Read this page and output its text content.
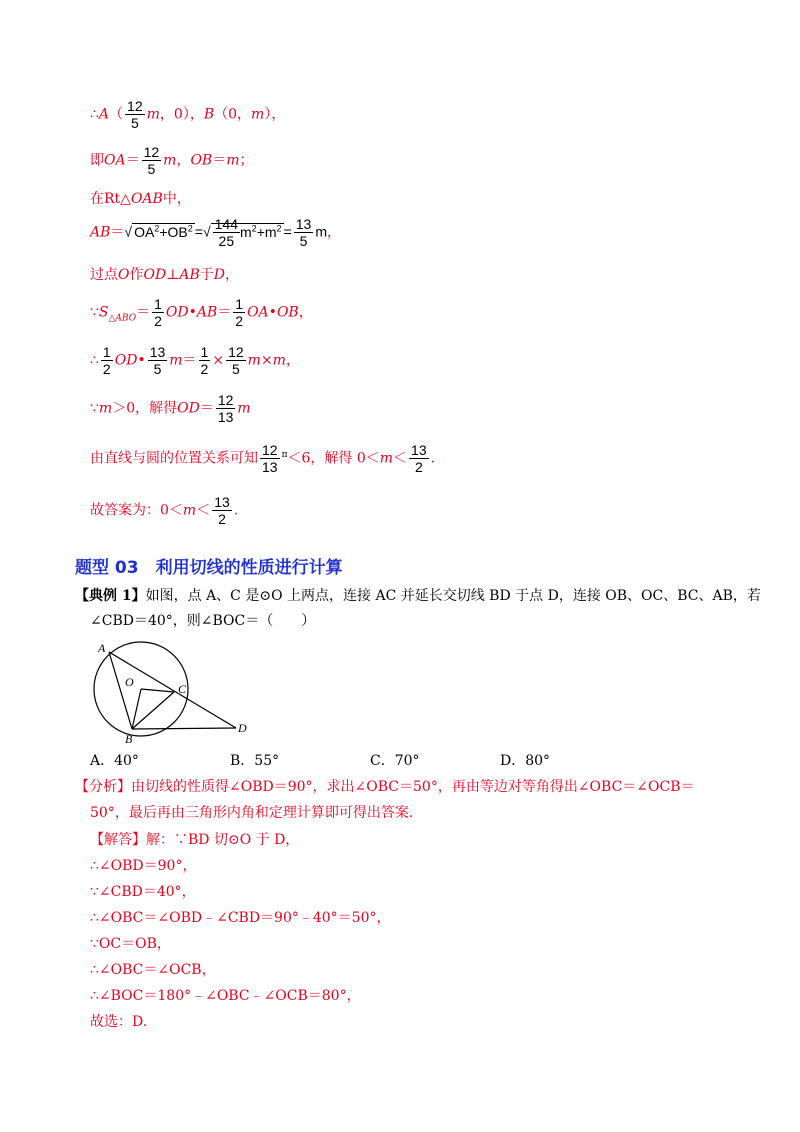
∴A（ $\frac{12}{5}$ m，0），B（0，m），
即$OA= \frac{12}{5}$ m，OB＝m；
在Rt△OAB中，
AB＝√ $OA^2+OB^2$ =√ $\frac{144}{25} m^2+m^2 = \frac{13}{5}$ m，
过点O作OD⊥AB于D，
$\because S_{\triangle ABO}= \frac{1}{2}$ OD•AB＝ $\frac{1}{2}$ OA•OB，
∴ $\frac{1}{2}$ OD• $\frac{13}{5} m= \frac{1}{2} \times \frac{12}{5} m\times m$，
∵m＞0，解得$OD= \frac{12}{13}$ m
由直线与圆的位置关系可知 $\frac{12}{13} ^\pi<6$，解得 $0<m< \frac{13}{2}$ .
故答案为：$0<m< \frac{13}{2}$ .
题型 03　利用切线的性质进行计算
【典例 1】如图，点 A、C 是⊙O 上两点，连接 AC 并延长交切线 BD 于点 D，连接 OB、OC、BC、AB，若
∠CBD＝40°，则∠BOC＝（　　）
A
O	C
B
D
A．40°	B．55°	C．70°	D．80°
【分析】由切线的性质得∠OBD＝90°，求出∠OBC＝50°，再由等边对等角得出∠OBC＝∠OCB＝
50°，最后再由三角形内角和定理计算即可得出答案.
【解答】解：∵BD 切⊙O 于 D，
∴∠OBD＝90°，
∵∠CBD＝40°，
∴∠OBC＝∠OBD﹣∠CBD＝90°﹣40°＝50°，
∵OC＝OB，
∴∠OBC＝∠OCB，
∴∠BOC＝180°﹣∠OBC﹣∠OCB＝80°，
故选：D.
